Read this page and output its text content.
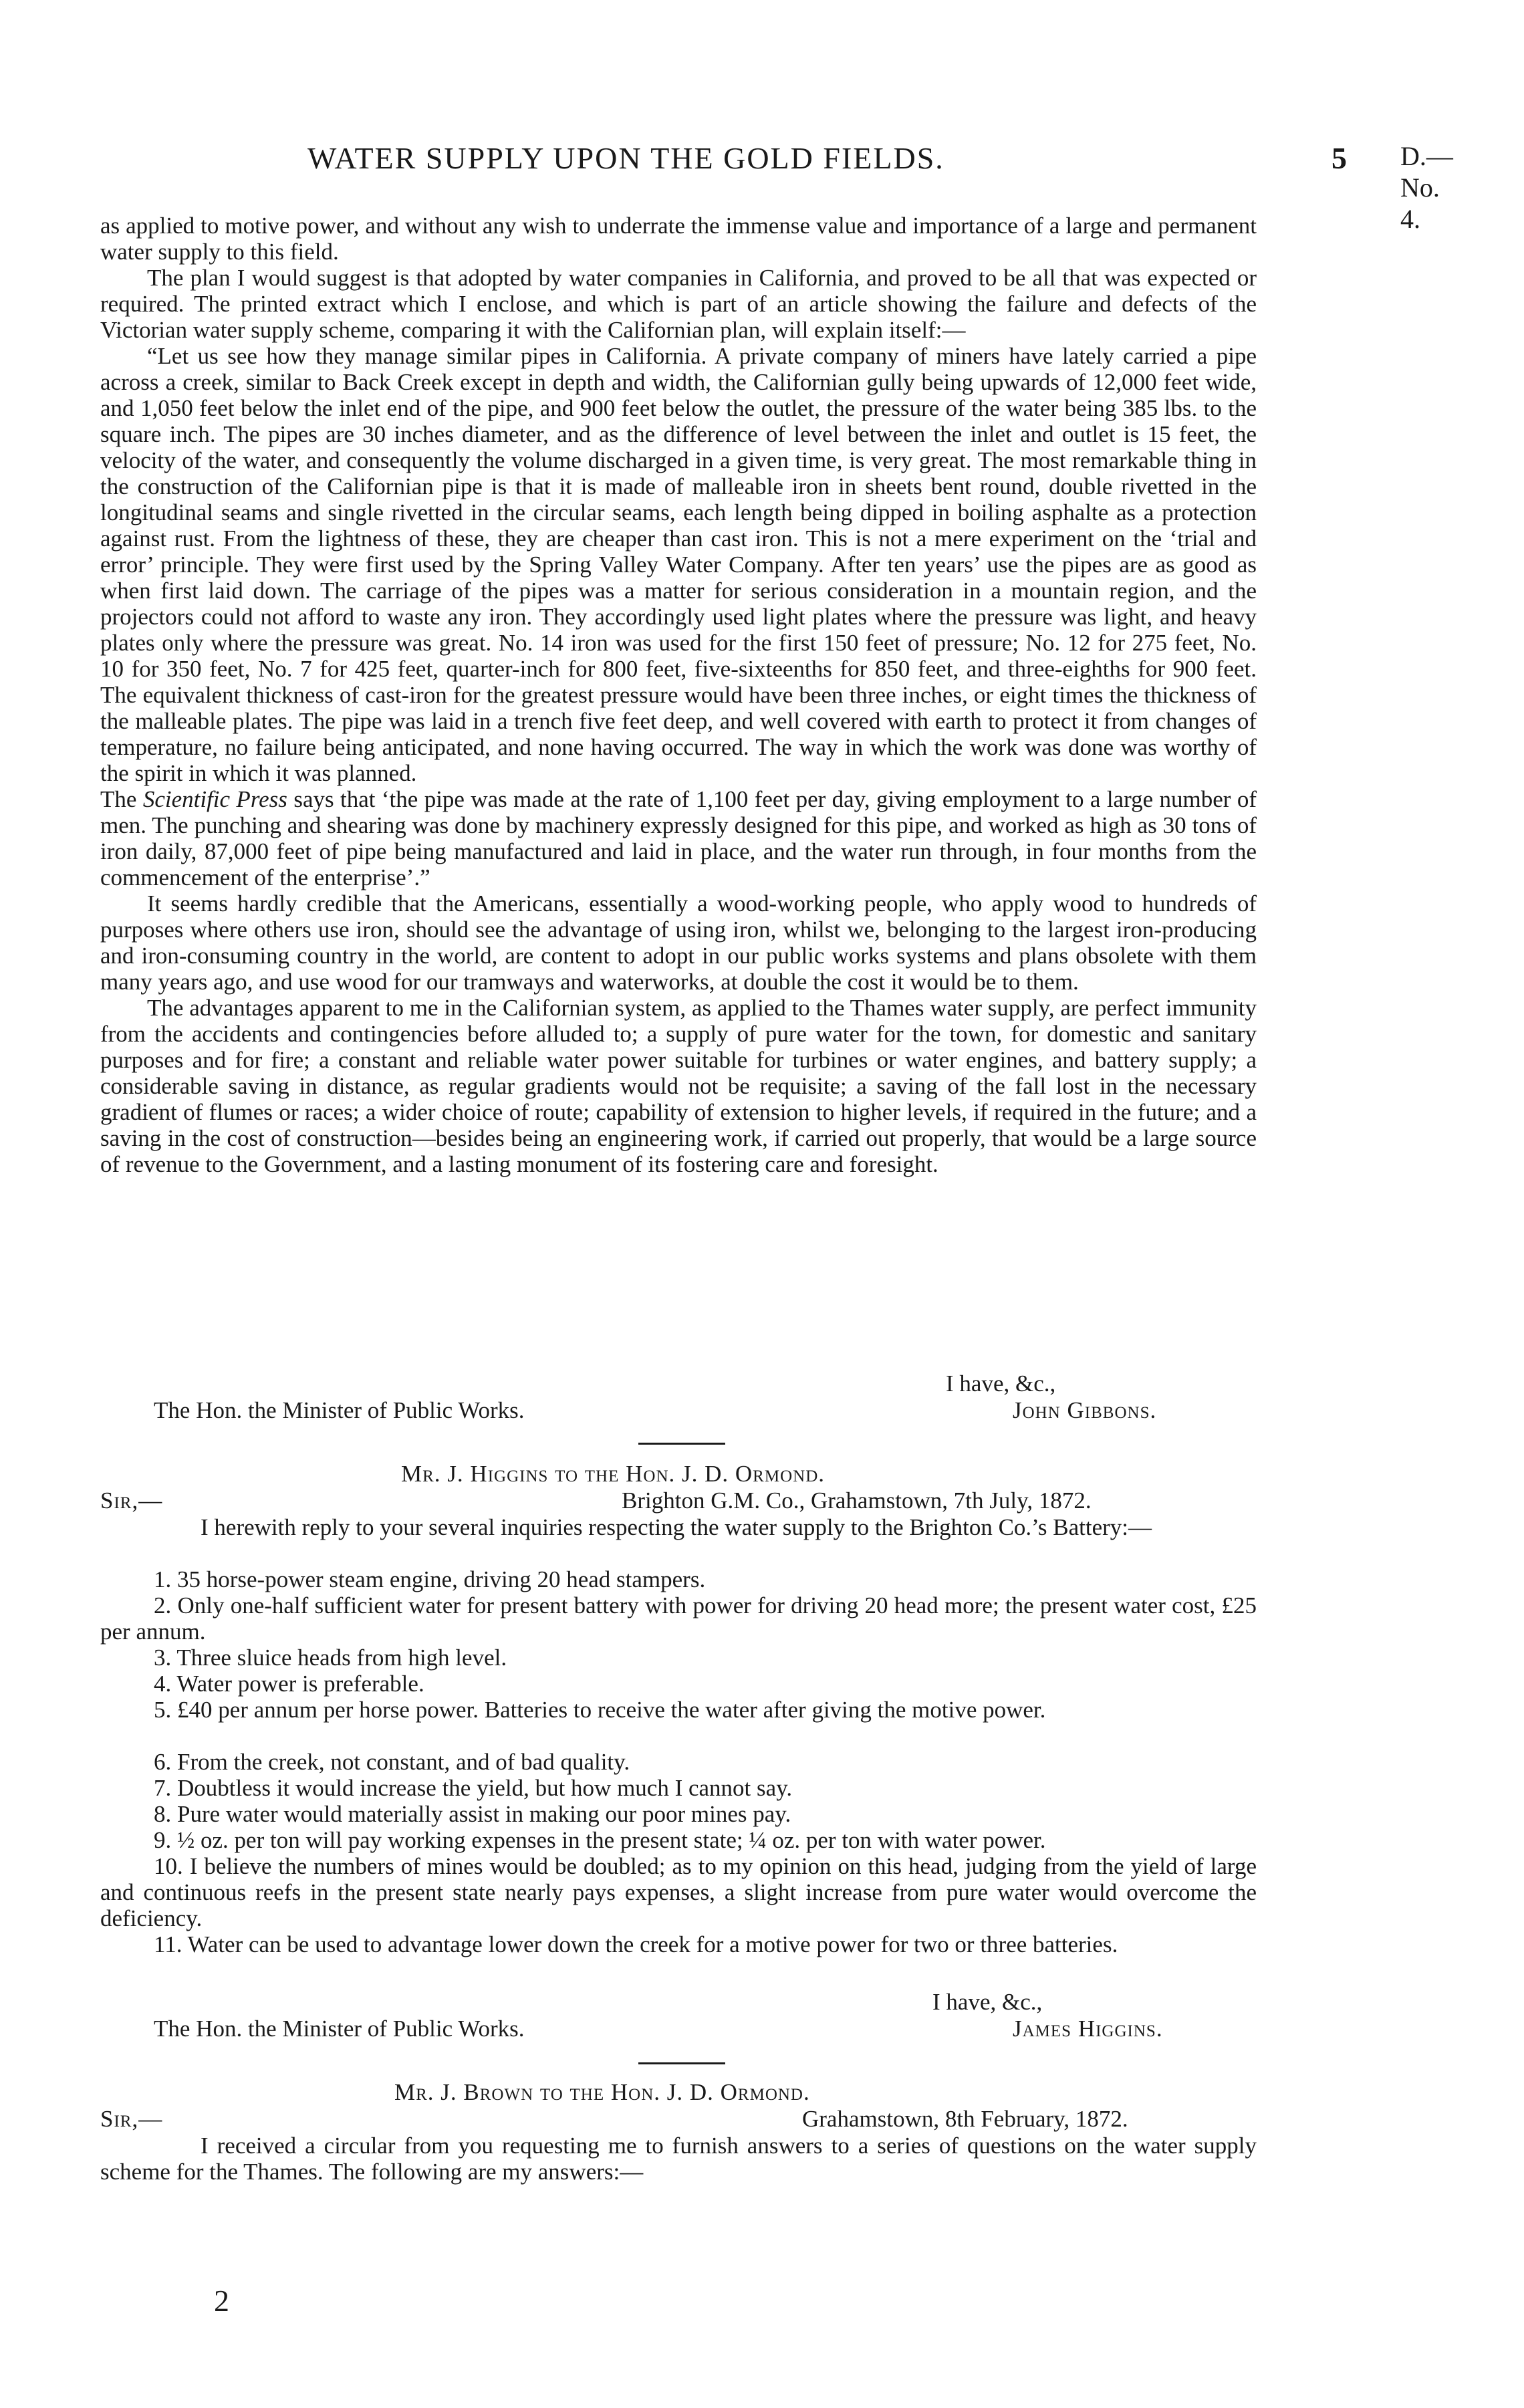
WATER SUPPLY UPON THE GOLD FIELDS.	5 D.—No. 4.

as applied to motive power, and without any wish to underrate the immense value and importance of a large and permanent water supply to this field.

The plan I would suggest is that adopted by water companies in California, and proved to be all that was expected or required. The printed extract which I enclose, and which is part of an article showing the failure and defects of the Victorian water supply scheme, comparing it with the Californian plan, will explain itself:—

“Let us see how they manage similar pipes in California. A private company of miners have lately carried a pipe across a creek, similar to Back Creek except in depth and width, the Californian gully being upwards of 12,000 feet wide, and 1,050 feet below the inlet end of the pipe, and 900 feet below the outlet, the pressure of the water being 385 lbs. to the square inch. The pipes are 30 inches diameter, and as the difference of level between the inlet and outlet is 15 feet, the velocity of the water, and consequently the volume discharged in a given time, is very great. The most remarkable thing in the construction of the Californian pipe is that it is made of malleable iron in sheets bent round, double rivetted in the longitudinal seams and single rivetted in the circular seams, each length being dipped in boiling asphalte as a protection against rust. From the lightness of these, they are cheaper than cast iron. This is not a mere experiment on the ‘trial and error’ principle. They were first used by the Spring Valley Water Company. After ten years’ use the pipes are as good as when first laid down. The carriage of the pipes was a matter for serious consideration in a mountain region, and the projectors could not afford to waste any iron. They accordingly used light plates where the pressure was light, and heavy plates only where the pressure was great. No. 14 iron was used for the first 150 feet of pressure; No. 12 for 275 feet, No. 10 for 350 feet, No. 7 for 425 feet, quarter-inch for 800 feet, five-sixteenths for 850 feet, and three-eighths for 900 feet. The equivalent thickness of cast-iron for the greatest pressure would have been three inches, or eight times the thickness of the malleable plates. The pipe was laid in a trench five feet deep, and well covered with earth to protect it from changes of temperature, no failure being anticipated, and none having occurred. The way in which the work was done was worthy of the spirit in which it was planned.

The Scientific Press says that ‘the pipe was made at the rate of 1,100 feet per day, giving employment to a large number of men. The punching and shearing was done by machinery expressly designed for this pipe, and worked as high as 30 tons of iron daily, 87,000 feet of pipe being manufactured and laid in place, and the water run through, in four months from the commencement of the enterprise’.”

It seems hardly credible that the Americans, essentially a wood-working people, who apply wood to hundreds of purposes where others use iron, should see the advantage of using iron, whilst we, belonging to the largest iron-producing and iron-consuming country in the world, are content to adopt in our public works systems and plans obsolete with them many years ago, and use wood for our tramways and waterworks, at double the cost it would be to them.

The advantages apparent to me in the Californian system, as applied to the Thames water supply, are perfect immunity from the accidents and contingencies before alluded to; a supply of pure water for the town, for domestic and sanitary purposes and for fire; a constant and reliable water power suitable for turbines or water engines, and battery supply; a considerable saving in distance, as regular gradients would not be requisite; a saving of the fall lost in the necessary gradient of flumes or races; a wider choice of route; capability of extension to higher levels, if required in the future; and a saving in the cost of construction—besides being an engineering work, if carried out properly, that would be a large source of revenue to the Government, and a lasting monument of its fostering care and foresight.

I have, &c.,
The Hon. the Minister of Public Works.	John Gibbons.
Mr. J. Higgins to the Hon. J. D. Ormond.
Sir,—	Brighton G.M. Co., Grahamstown, 7th July, 1872.
I herewith reply to your several inquiries respecting the water supply to the Brighton Co.’s Battery:—
1. 35 horse-power steam engine, driving 20 head stampers.
2. Only one-half sufficient water for present battery with power for driving 20 head more; the present water cost, £25 per annum.
3. Three sluice heads from high level.
4. Water power is preferable.
5. £40 per annum per horse power. Batteries to receive the water after giving the motive power.
6. From the creek, not constant, and of bad quality.
7. Doubtless it would increase the yield, but how much I cannot say.
8. Pure water would materially assist in making our poor mines pay.
9. ½ oz. per ton will pay working expenses in the present state; ¼ oz. per ton with water power.
10. I believe the numbers of mines would be doubled; as to my opinion on this head, judging from the yield of large and continuous reefs in the present state nearly pays expenses, a slight increase from pure water would overcome the deficiency.
11. Water can be used to advantage lower down the creek for a motive power for two or three batteries.
I have, &c.,
The Hon. the Minister of Public Works.	James Higgins.
Mr. J. Brown to the Hon. J. D. Ormond.
Sir,—	Grahamstown, 8th February, 1872.
I received a circular from you requesting me to furnish answers to a series of questions on the water supply scheme for the Thames. The following are my answers:—
2
